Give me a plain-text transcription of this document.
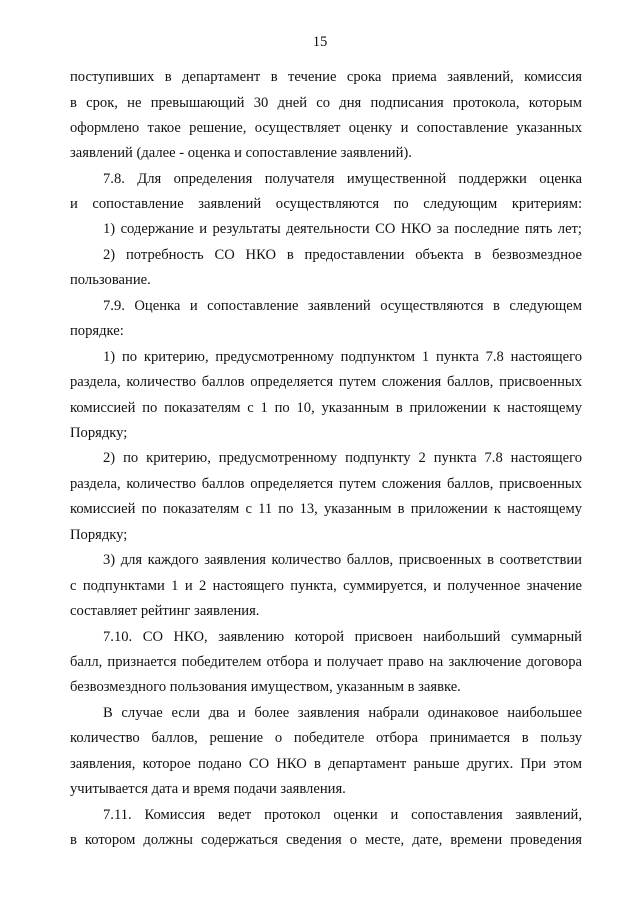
15
поступивших в департамент в течение срока приема заявлений, комиссия
в срок, не превышающий 30 дней со дня подписания протокола, которым
оформлено такое решение, осуществляет оценку и сопоставление указанных
заявлений (далее - оценка и сопоставление заявлений).
7.8. Для определения получателя имущественной поддержки оценка
и сопоставление заявлений осуществляются по следующим критериям:
1) содержание и результаты деятельности СО НКО за последние пять лет;
2) потребность СО НКО в предоставлении объекта в безвозмездное
пользование.
7.9. Оценка и сопоставление заявлений осуществляются в следующем
порядке:
1) по критерию, предусмотренному подпунктом 1 пункта 7.8 настоящего
раздела, количество баллов определяется путем сложения баллов, присвоенных
комиссией по показателям с 1 по 10, указанным в приложении к настоящему
Порядку;
2) по критерию, предусмотренному подпункту 2 пункта 7.8 настоящего
раздела, количество баллов определяется путем сложения баллов, присвоенных
комиссией по показателям с 11 по 13, указанным в приложении к настоящему
Порядку;
3) для каждого заявления количество баллов, присвоенных в соответствии
с подпунктами 1 и 2 настоящего пункта, суммируется, и полученное значение
составляет рейтинг заявления.
7.10. СО НКО, заявлению которой присвоен наибольший суммарный
балл, признается победителем отбора и получает право на заключение договора
безвозмездного пользования имуществом, указанным в заявке.
В случае если два и более заявления набрали одинаковое наибольшее
количество баллов, решение о победителе отбора принимается в пользу
заявления, которое подано СО НКО в департамент раньше других. При этом
учитывается дата и время подачи заявления.
7.11. Комиссия ведет протокол оценки и сопоставления заявлений,
в котором должны содержаться сведения о месте, дате, времени проведения
